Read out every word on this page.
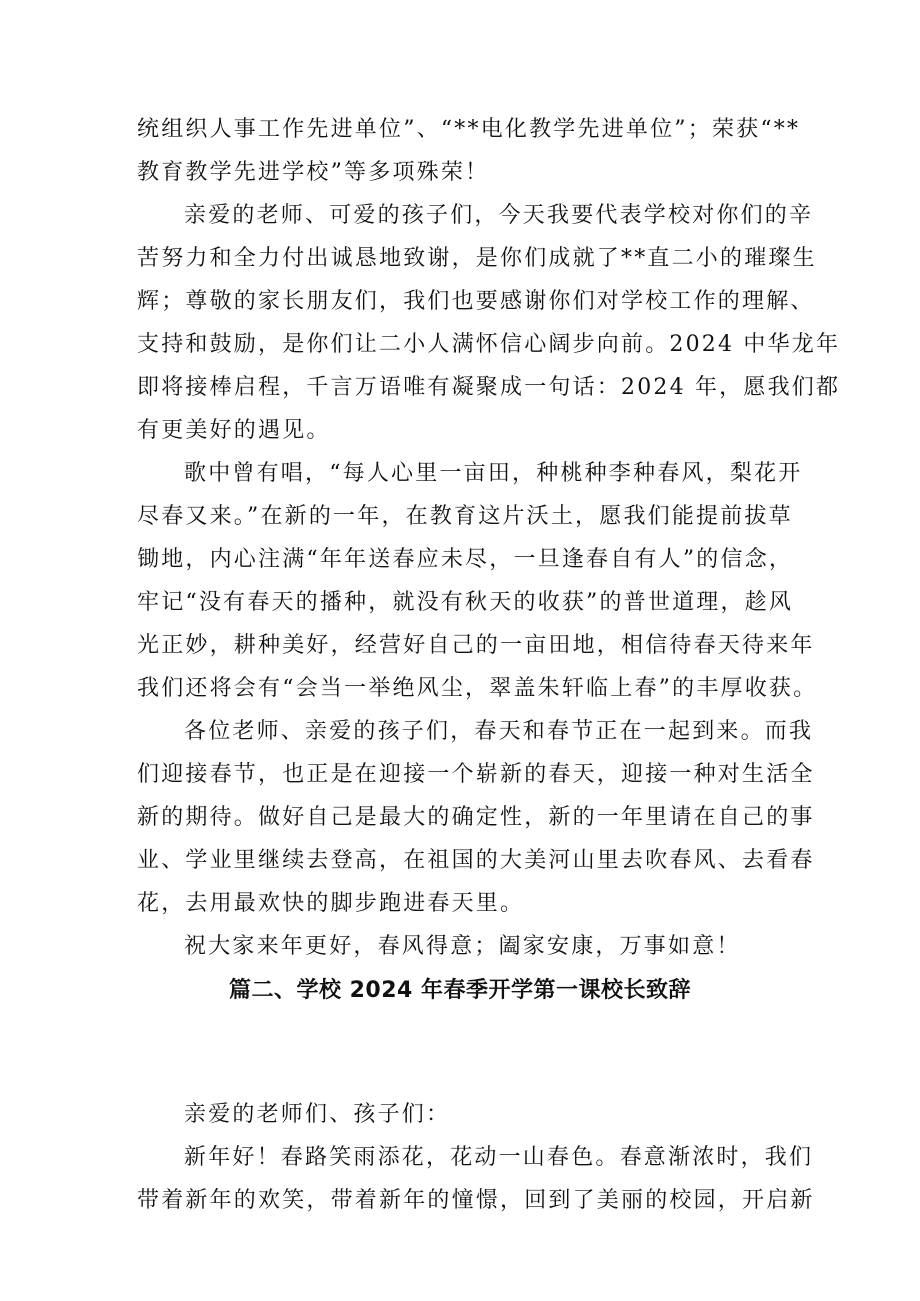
统组织人事工作先进单位”、“**电化教学先进单位”；荣获“**
教育教学先进学校”等多项殊荣！
亲爱的老师、可爱的孩子们，今天我要代表学校对你们的辛
苦努力和全力付出诚恳地致谢，是你们成就了**直二小的璀璨生
辉；尊敬的家长朋友们，我们也要感谢你们对学校工作的理解、
支持和鼓励，是你们让二小人满怀信心阔步向前。2024 中华龙年
即将接棒启程，千言万语唯有凝聚成一句话：2024 年，愿我们都
有更美好的遇见。
歌中曾有唱，“每人心里一亩田，种桃种李种春风，梨花开
尽春又来。”在新的一年，在教育这片沃土，愿我们能提前拔草
锄地，内心注满“年年送春应未尽，一旦逢春自有人”的信念，
牢记“没有春天的播种，就没有秋天的收获”的普世道理，趁风
光正妙，耕种美好，经营好自己的一亩田地，相信待春天待来年
我们还将会有“会当一举绝风尘，翠盖朱轩临上春”的丰厚收获。
各位老师、亲爱的孩子们，春天和春节正在一起到来。而我
们迎接春节，也正是在迎接一个崭新的春天，迎接一种对生活全
新的期待。做好自己是最大的确定性，新的一年里请在自己的事
业、学业里继续去登高，在祖国的大美河山里去吹春风、去看春
花，去用最欢快的脚步跑进春天里。
祝大家来年更好，春风得意；阖家安康，万事如意！
篇二、学校 2024 年春季开学第一课校长致辞
亲爱的老师们、孩子们：
新年好！春路笑雨添花，花动一山春色。春意渐浓时，我们
带着新年的欢笑，带着新年的憧憬，回到了美丽的校园，开启新
